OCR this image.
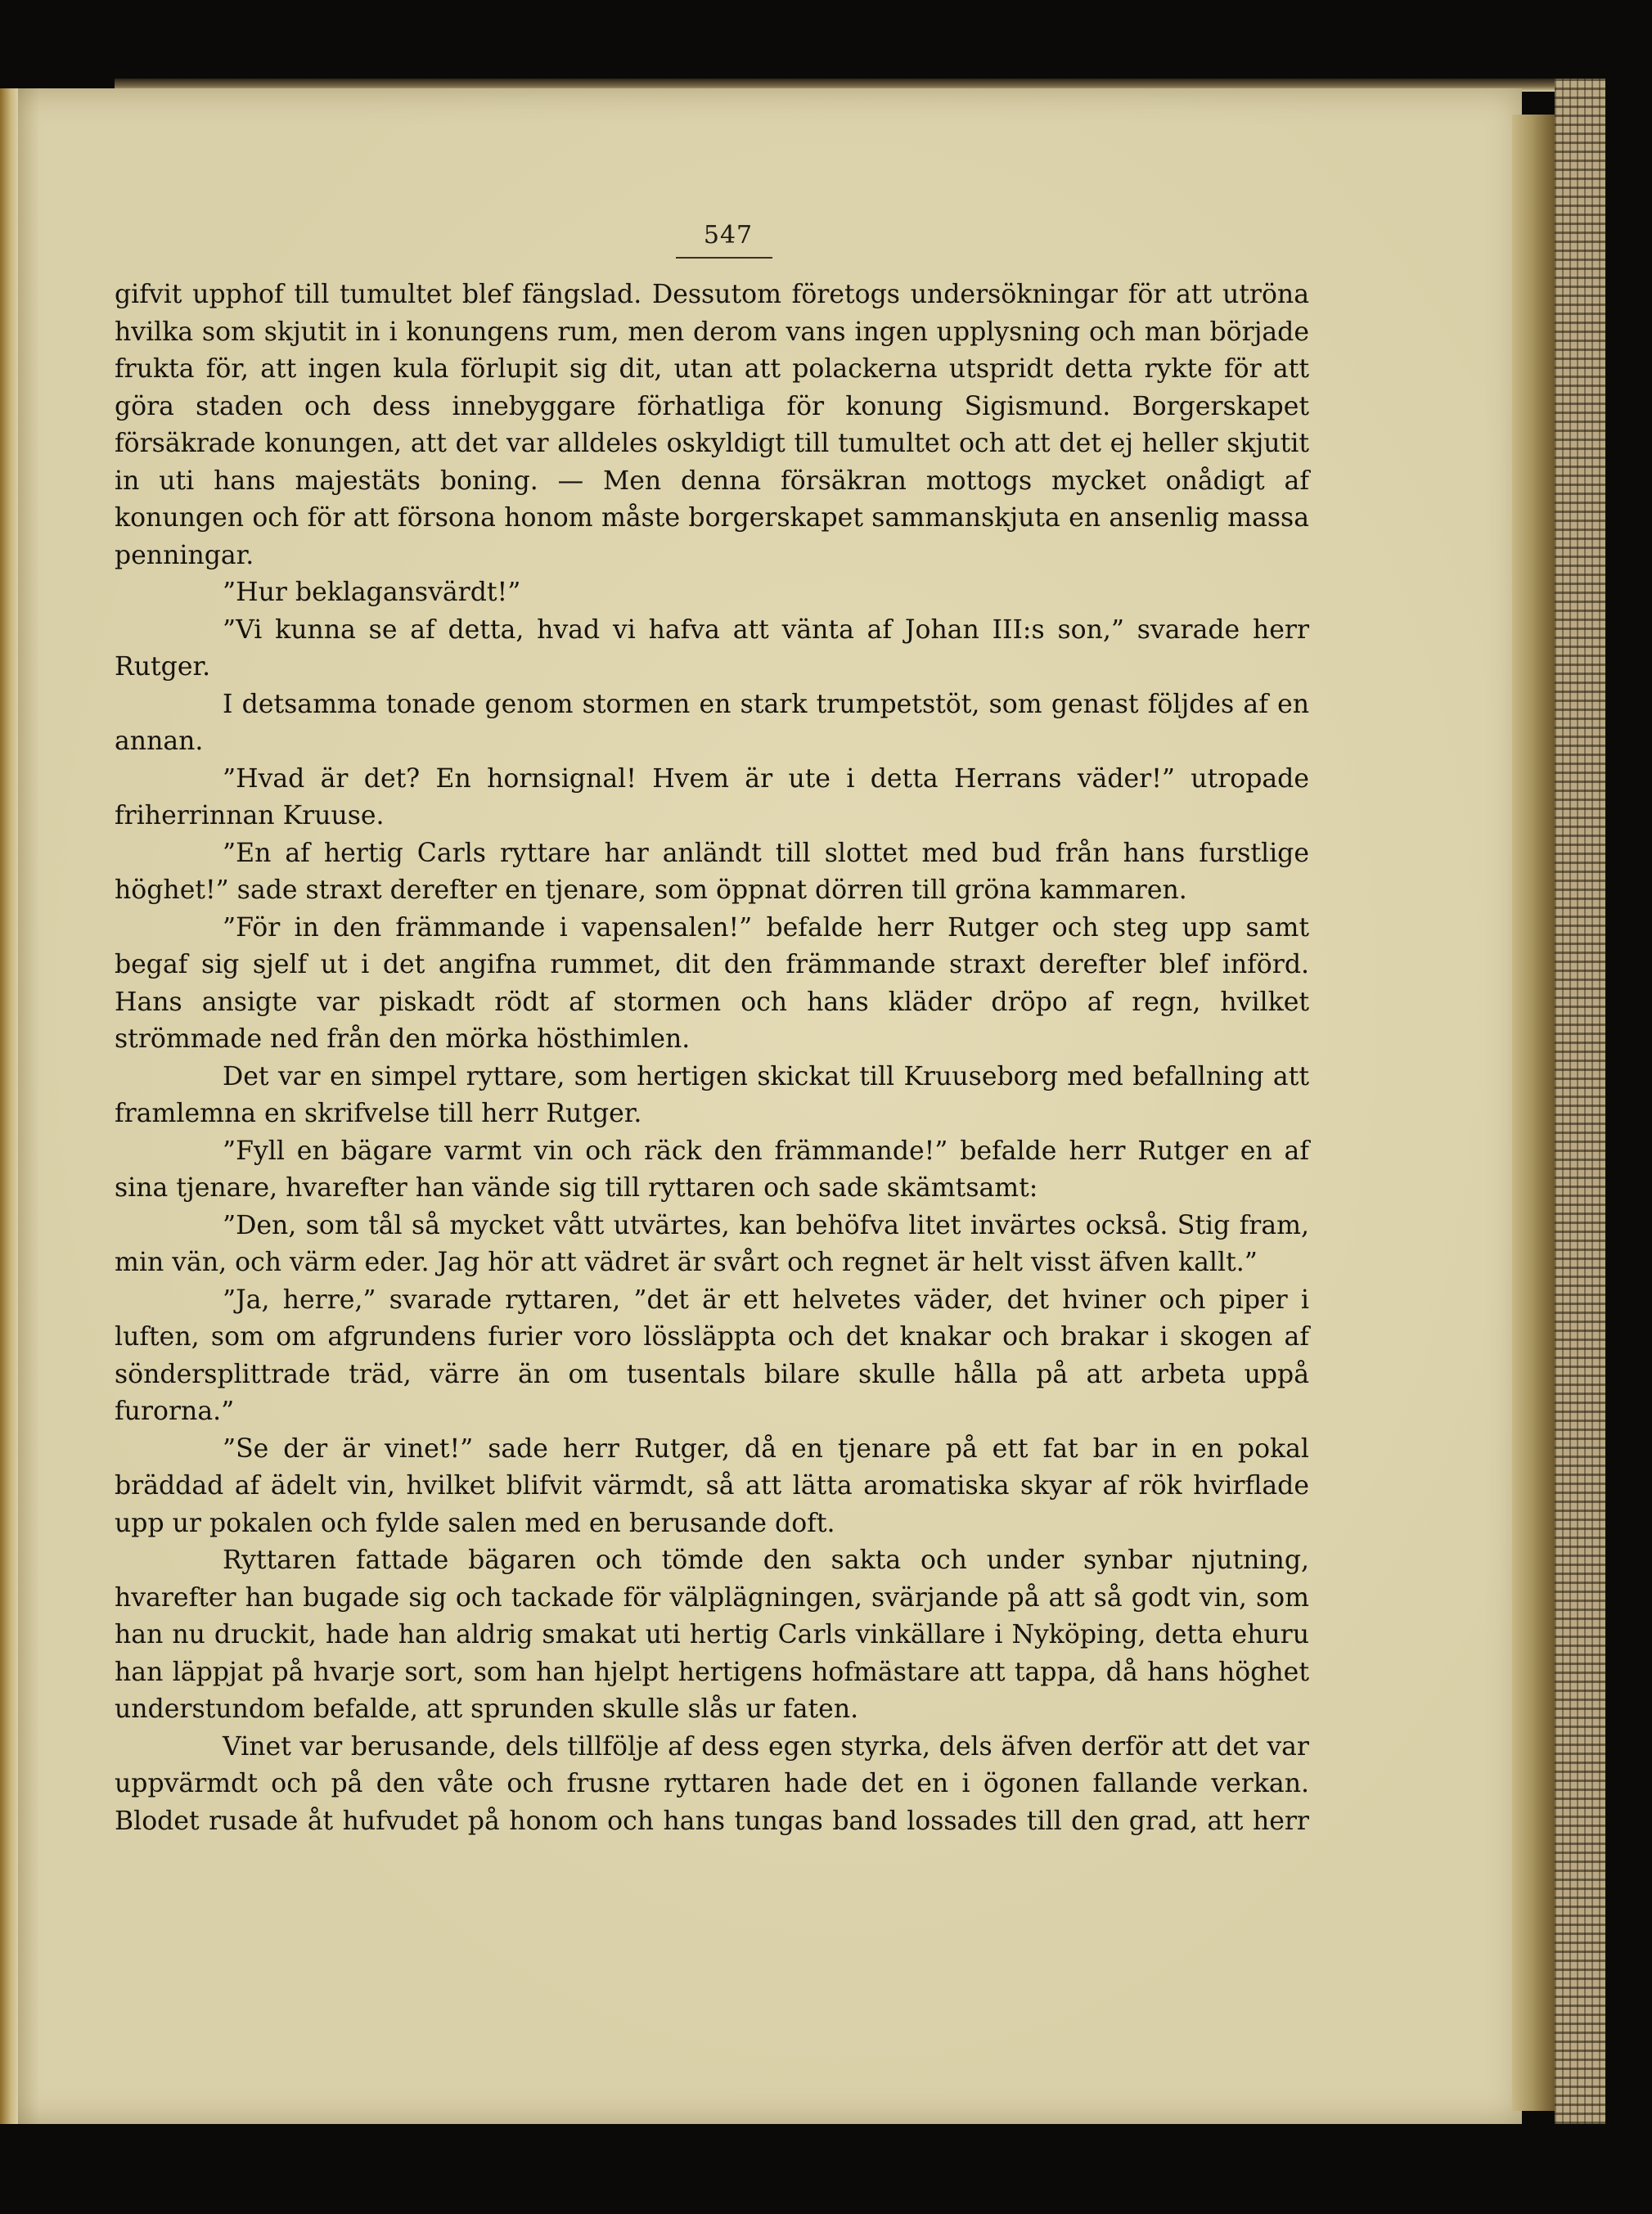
547

gifvit upphof till tumultet blef fängslad. Dessutom företogs undersökningar för att utröna hvilka som skjutit in i konungens rum, men derom vans ingen upplysning och man började frukta för, att ingen kula förlupit sig dit, utan att polackerna utspridt detta rykte för att göra staden och dess innebyggare förhatliga för konung Sigismund. Borgerskapet försäkrade konungen, att det var alldeles oskyldigt till tumultet och att det ej heller skjutit in uti hans majestäts boning. — Men denna försäkran mottogs mycket onådigt af konungen och för att försona honom måste borgerskapet sammanskjuta en ansenlig massa penningar.

”Hur beklagansvärdt!”

”Vi kunna se af detta, hvad vi hafva att vänta af Johan III:s son,” svarade herr Rutger.

I detsamma tonade genom stormen en stark trumpetstöt, som genast följdes af en annan.

”Hvad är det? En hornsignal! Hvem är ute i detta Herrans väder!” utropade friherrinnan Kruuse.

”En af hertig Carls ryttare har anländt till slottet med bud från hans furstlige höghet!” sade straxt derefter en tjenare, som öppnat dörren till gröna kammaren.

”För in den främmande i vapensalen!” befalde herr Rutger och steg upp samt begaf sig sjelf ut i det angifna rummet, dit den främmande straxt derefter blef införd. Hans ansigte var piskadt rödt af stormen och hans kläder dröpo af regn, hvilket strömmade ned från den mörka hösthimlen.

Det var en simpel ryttare, som hertigen skickat till Kruuseborg med befallning att framlemna en skrifvelse till herr Rutger.

”Fyll en bägare varmt vin och räck den främmande!” befalde herr Rutger en af sina tjenare, hvarefter han vände sig till ryttaren och sade skämtsamt:

”Den, som tål så mycket vått utvärtes, kan behöfva litet invärtes också. Stig fram, min vän, och värm eder. Jag hör att vädret är svårt och regnet är helt visst äfven kallt.”

”Ja, herre,” svarade ryttaren, ”det är ett helvetes väder, det hviner och piper i luften, som om afgrundens furier voro lössläppta och det knakar och brakar i skogen af söndersplittrade träd, värre än om tusentals bilare skulle hålla på att arbeta uppå furorna.”

”Se der är vinet!” sade herr Rutger, då en tjenare på ett fat bar in en pokal bräddad af ädelt vin, hvilket blifvit värmdt, så att lätta aromatiska skyar af rök hvirflade upp ur pokalen och fylde salen med en berusande doft.

Ryttaren fattade bägaren och tömde den sakta och under synbar njutning, hvarefter han bugade sig och tackade för välplägningen, svärjande på att så godt vin, som han nu druckit, hade han aldrig smakat uti hertig Carls vinkällare i Nyköping, detta ehuru han läppjat på hvarje sort, som han hjelpt hertigens hofmästare att tappa, då hans höghet understundom befalde, att sprunden skulle slås ur faten.

Vinet var berusande, dels tillfölje af dess egen styrka, dels äfven derför att det var uppvärmdt och på den våte och frusne ryttaren hade det en i ögonen fallande verkan. Blodet rusade åt hufvudet på honom och hans tungas band lossades till den grad, att herr
